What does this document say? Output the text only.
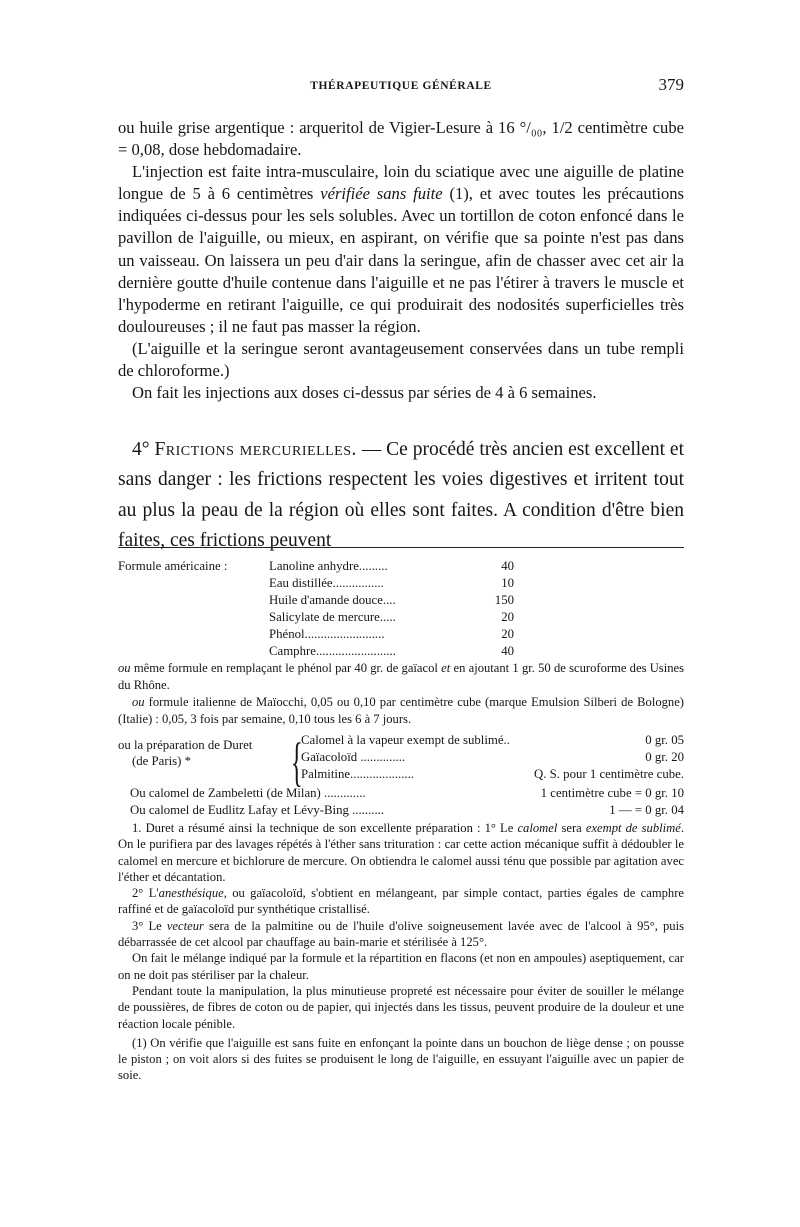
THÉRAPEUTIQUE GÉNÉRALE	379

ou huile grise argentique : arqueritol de Vigier-Lesure à 16 °/₀₀, 1/2 centimètre cube = 0,08, dose hebdomadaire.

L'injection est faite intra-musculaire, loin du sciatique avec une aiguille de platine longue de 5 à 6 centimètres vérifiée sans fuite (1), et avec toutes les précautions indiquées ci-dessus pour les sels solubles. Avec un tortillon de coton enfoncé dans le pavillon de l'aiguille, ou mieux, en aspirant, on vérifie que sa pointe n'est pas dans un vaisseau. On laissera un peu d'air dans la seringue, afin de chasser avec cet air la dernière goutte d'huile contenue dans l'aiguille et ne pas l'étirer à travers le muscle et l'hypoderme en retirant l'aiguille, ce qui produirait des nodosités superficielles très douloureuses ; il ne faut pas masser la région.

(L'aiguille et la seringue seront avantageusement conservées dans un tube rempli de chloroforme.)

On fait les injections aux doses ci-dessus par séries de 4 à 6 semaines.

4° Frictions mercurielles. — Ce procédé très ancien est excellent et sans danger : les frictions respectent les voies digestives et irritent tout au plus la peau de la région où elles sont faites. A condition d'être bien faites, ces frictions peuvent

Formule américaine :	Lanoline anhydre.........	40
Eau distillée................	10
Huile d'amande douce....	150
Salicylate de mercure.....	20
Phénol.........................	20
Camphre.........................	40

ou même formule en remplaçant le phénol par 40 gr. de gaïacol et en ajoutant 1 gr. 50 de scuroforme des Usines du Rhône.

ou formule italienne de Maïocchi, 0,05 ou 0,10 par centimètre cube (marque Emulsion Silberi de Bologne) (Italie) : 0,05, 3 fois par semaine, 0,10 tous les 6 à 7 jours.

ou la préparation de Duret
(de Paris) * {
Calomel à la vapeur exempt de sublimé..	0 gr. 05
Gaïacoloïd ..............	0 gr. 20
Palmitine....................	Q. S. pour 1 centimètre cube.
Ou calomel de Zambeletti (de Milan) .............	1 centimètre cube = 0 gr. 10
Ou calomel de Eudlitz Lafay et Lévy-Bing ..........	1 — = 0 gr. 04

1. Duret a résumé ainsi la technique de son excellente préparation : 1° Le calomel sera exempt de sublimé. On le purifiera par des lavages répétés à l'éther sans trituration : car cette action mécanique suffit à dédoubler le calomel en mercure et bichlorure de mercure. On obtiendra le calomel aussi ténu que possible par agitation avec l'éther et décantation.

2° L'anesthésique, ou gaïacoloïd, s'obtient en mélangeant, par simple contact, parties égales de camphre raffiné et de gaïacoloïd pur synthétique cristallisé.

3° Le vecteur sera de la palmitine ou de l'huile d'olive soigneusement lavée avec de l'alcool à 95°, puis débarrassée de cet alcool par chauffage au bain-marie et stérilisée à 125°.

On fait le mélange indiqué par la formule et la répartition en flacons (et non en ampoules) aseptiquement, car on ne doit pas stériliser par la chaleur.

Pendant toute la manipulation, la plus minutieuse propreté est nécessaire pour éviter de souiller le mélange de poussières, de fibres de coton ou de papier, qui injectés dans les tissus, peuvent produire de la douleur et une réaction locale pénible.

(1) On vérifie que l'aiguille est sans fuite en enfonçant la pointe dans un bouchon de liège dense ; on pousse le piston ; on voit alors si des fuites se produisent le long de l'aiguille, en essuyant l'aiguille avec un papier de soie.
